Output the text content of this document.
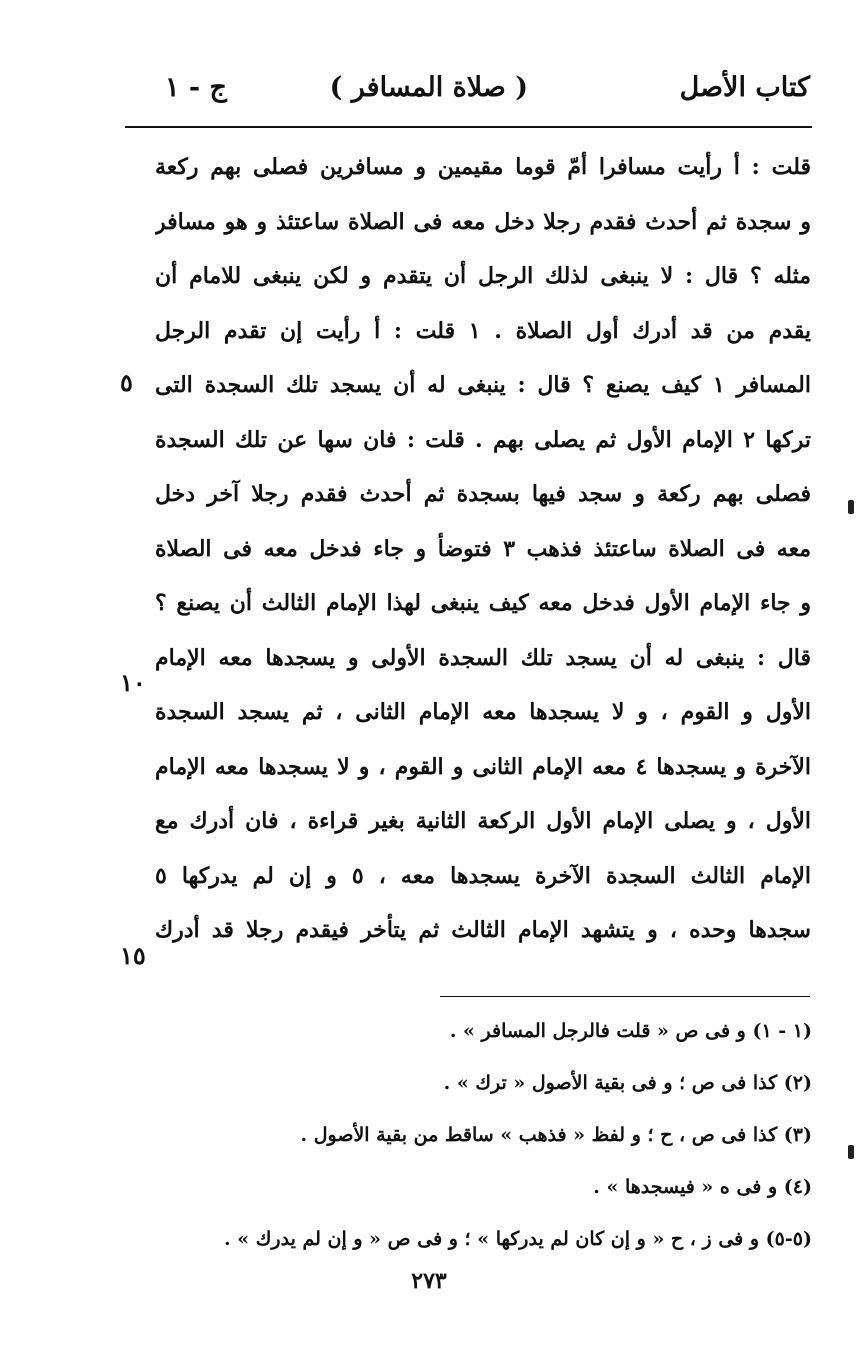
كتاب الأصل
( صلاة المسافر )
ج - ١
قلت : أ رأيت مسافرا أمّ قوما مقيمين و مسافرين فصلى بهم ركعة
و سجدة ثم أحدث فقدم رجلا دخل معه فى الصلاة ساعتئذ و هو مسافر
مثله ؟ قال : لا ينبغى لذلك الرجل أن يتقدم و لكن ينبغى للامام أن
يقدم من قد أدرك أول الصلاة . ١ قلت : أ رأيت إن تقدم الرجل
المسافر ١ كيف يصنع ؟ قال : ينبغى له أن يسجد تلك السجدة التى
تركها ٢ الإمام الأول ثم يصلى بهم . قلت : فان سها عن تلك السجدة
فصلى بهم ركعة و سجد فيها بسجدة ثم أحدث فقدم رجلا آخر دخل
معه فى الصلاة ساعتئذ فذهب ٣ فتوضأ و جاء فدخل معه فى الصلاة
و جاء الإمام الأول فدخل معه كيف ينبغى لهذا الإمام الثالث أن يصنع ؟
قال : ينبغى له أن يسجد تلك السجدة الأولى و يسجدها معه الإمام
الأول و القوم ، و لا يسجدها معه الإمام الثانى ، ثم يسجد السجدة
الآخرة و يسجدها ٤ معه الإمام الثانى و القوم ، و لا يسجدها معه الإمام
الأول ، و يصلى الإمام الأول الركعة الثانية بغير قراءة ، فان أدرك مع
الإمام الثالث السجدة الآخرة يسجدها معه ، ٥ و إن لم يدركها ٥
سجدها وحده ، و يتشهد الإمام الثالث ثم يتأخر فيقدم رجلا قد أدرك
٥
١٠
١٥
(١ - ١) و فى ص « قلت فالرجل المسافر » .
(٢) كذا فى ص ؛ و فى بقية الأصول « ترك » .
(٣) كذا فى ص ، ح ؛ و لفظ « فذهب » ساقط من بقية الأصول .
(٤) و فى ه « فيسجدها » .
(٥-٥) و فى ز ، ح « و إن كان لم يدركها » ؛ و فى ص « و إن لم يدرك » .
٢٧٣
